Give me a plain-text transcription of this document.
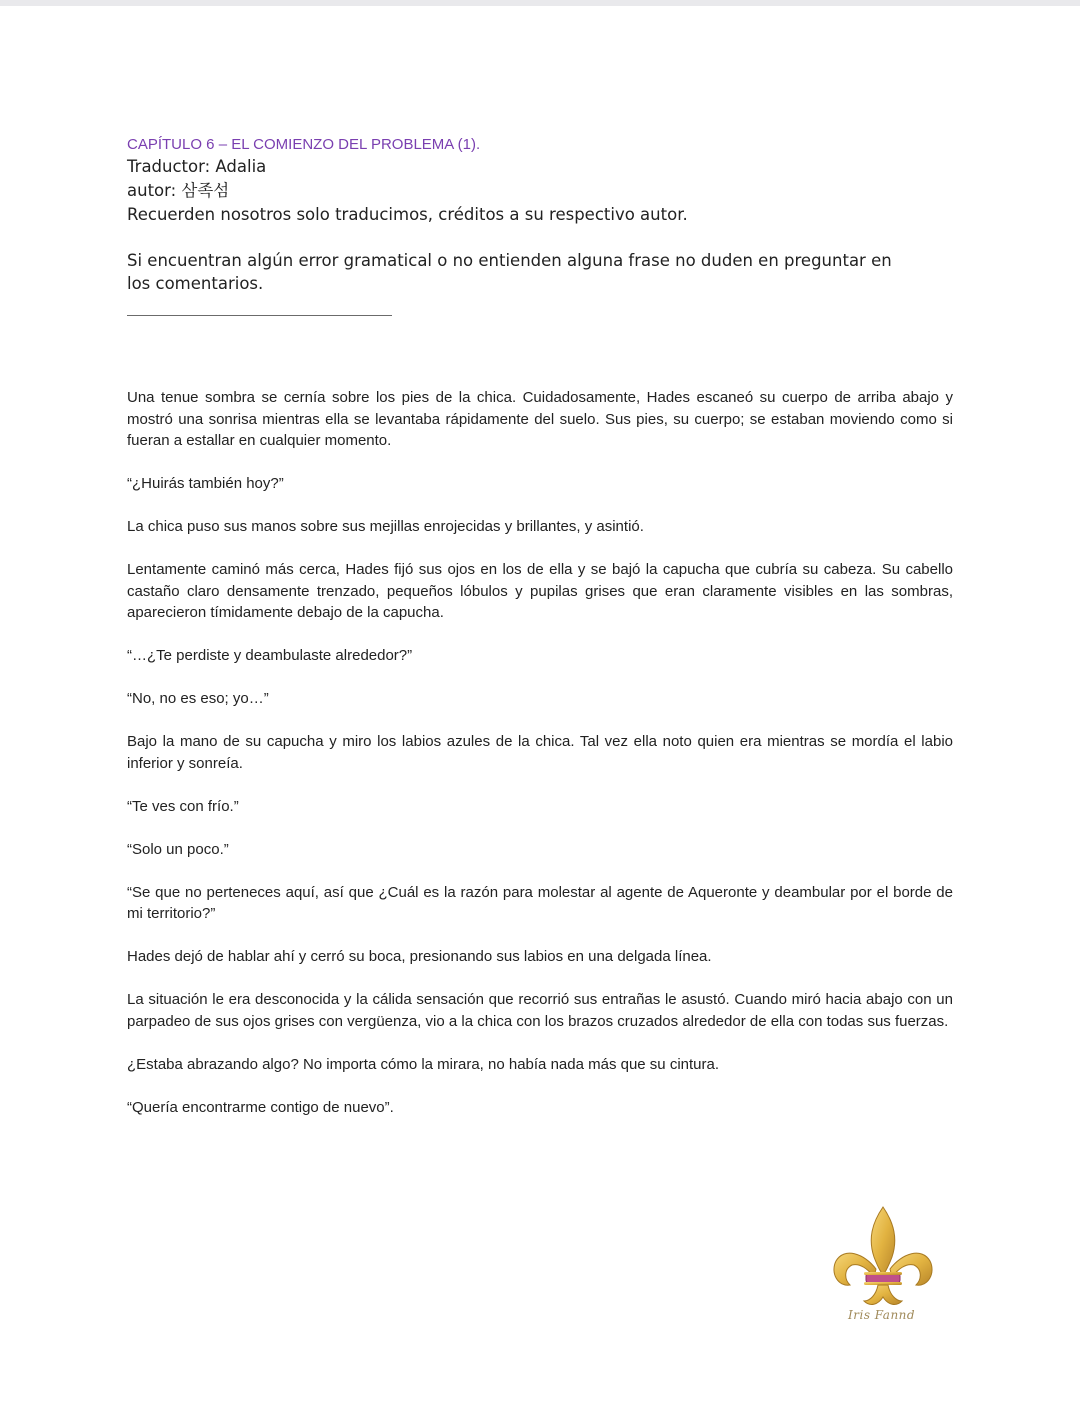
CAPÍTULO 6 – EL COMIENZO DEL PROBLEMA (1).

Traductor: Adalia

autor: 삼족섬

Recuerden nosotros solo traducimos, créditos a su respectivo autor.

Si encuentran algún error gramatical o no entienden alguna frase no duden en preguntar en los comentarios.

Una tenue sombra se cernía sobre los pies de la chica. Cuidadosamente, Hades escaneó su cuerpo de arriba abajo y mostró una sonrisa mientras ella se levantaba rápidamente del suelo. Sus pies, su cuerpo; se estaban moviendo como si fueran a estallar en cualquier momento.

“¿Huirás también hoy?”

La chica puso sus manos sobre sus mejillas enrojecidas y brillantes, y asintió.

Lentamente caminó más cerca, Hades fijó sus ojos en los de ella y se bajó la capucha que cubría su cabeza. Su cabello castaño claro densamente trenzado, pequeños lóbulos y pupilas grises que eran claramente visibles en las sombras, aparecieron tímidamente debajo de la capucha.

“…¿Te perdiste y deambulaste alrededor?”

“No, no es eso; yo…”

Bajo la mano de su capucha y miro los labios azules de la chica. Tal vez ella noto quien era mientras se mordía el labio inferior y sonreía.

“Te ves con frío.”

“Solo un poco.”

“Se que no perteneces aquí, así que ¿Cuál es la razón para molestar al agente de Aqueronte y deambular por el borde de mi territorio?”

Hades dejó de hablar ahí y cerró su boca, presionando sus labios en una delgada línea.

La situación le era desconocida y la cálida sensación que recorrió sus entrañas le asustó. Cuando miró hacia abajo con un parpadeo de sus ojos grises con vergüenza, vio a la chica con los brazos cruzados alrededor de ella con todas sus fuerzas.

¿Estaba abrazando algo? No importa cómo la mirara, no había nada más que su cintura.

“Quería encontrarme contigo de nuevo”.

Iris Fannd
